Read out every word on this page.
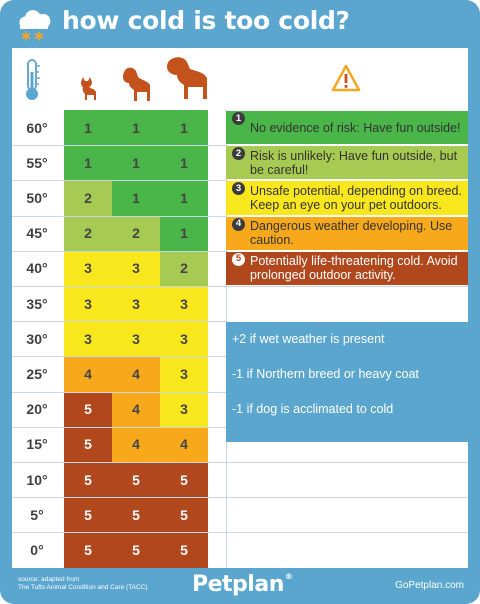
how cold is too cold?
60°	1	1	1
55°	1	1	1
50°	2	1	1
45°	2	2	1
40°	3	3	2
35°	3	3	3
30°	3	3	3
25°	4	4	3
20°	5	4	3
15°	5	4	4
10°	5	5	5
5°	5	5	5
0°	5	5	5
1
No evidence of risk: Have fun outside!
2 Risk is unlikely: Have fun outside, but be careful!
3 Unsafe potential, depending on breed. Keep an eye on your pet outdoors.
4 Dangerous weather developing. Use caution.
5 Potentially life-threatening cold. Avoid prolonged outdoor activity.
+2 if wet weather is present
-1 if Northern breed or heavy coat
-1 if dog is acclimated to cold
source: adapted from
The Tufts Animal Condition and Care (TACC) Petplan®
GoPetplan.com
